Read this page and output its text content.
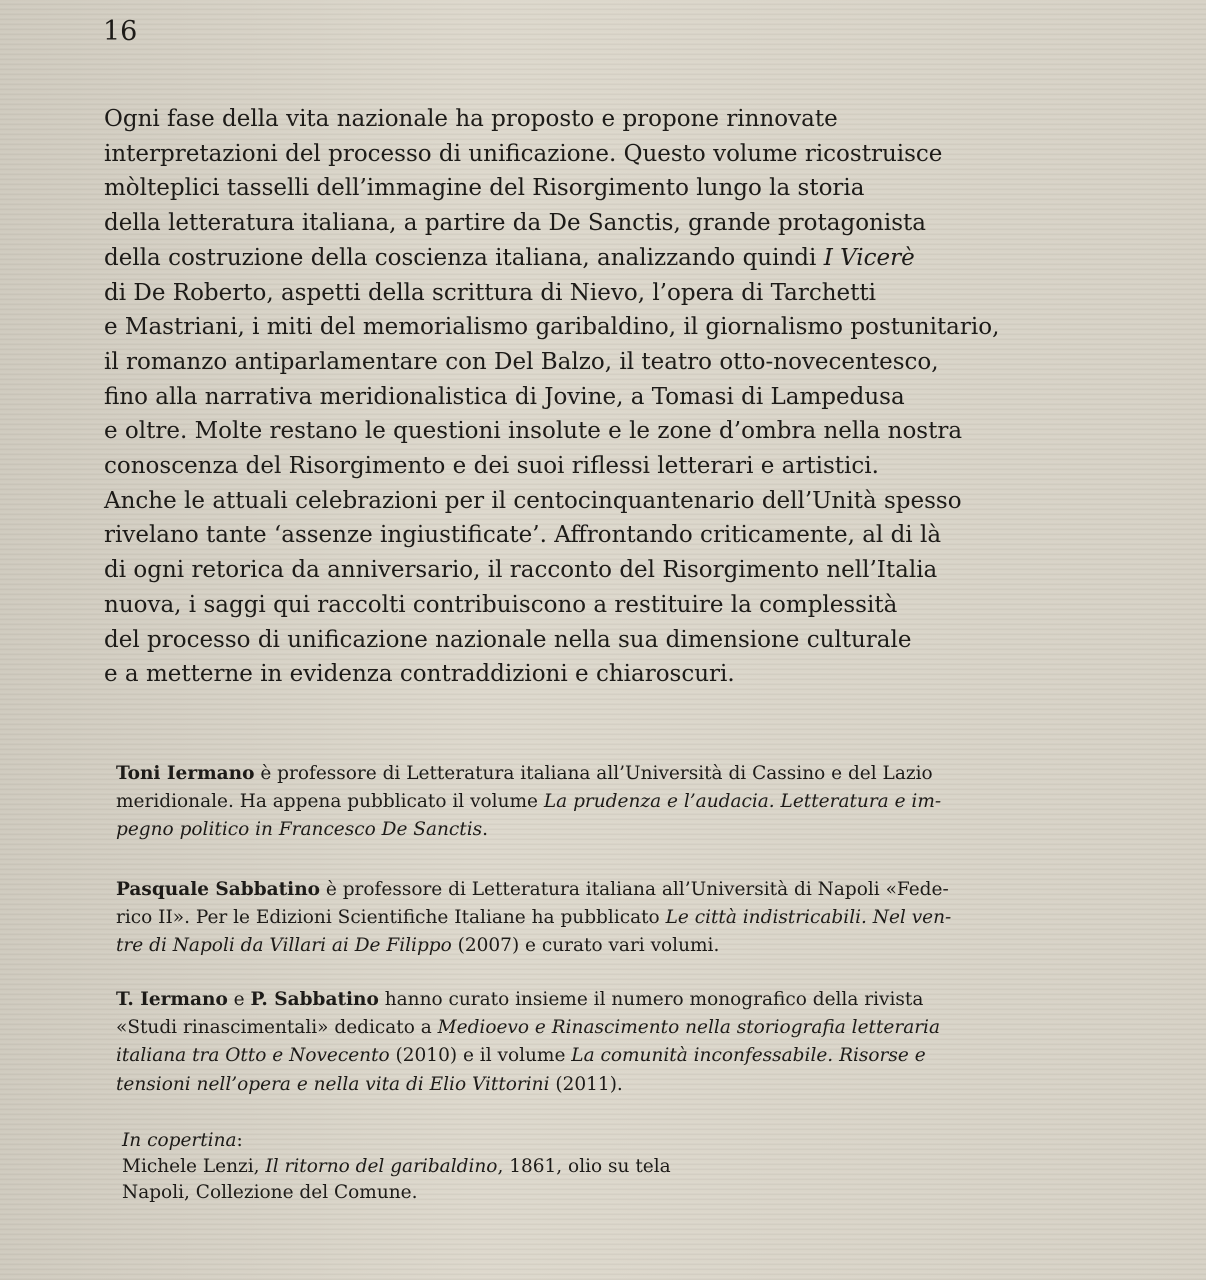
16
Ogni fase della vita nazionale ha proposto e propone rinnovate
interpretazioni del processo di unificazione. Questo volume ricostruisce
mòlteplici tasselli dell’immagine del Risorgimento lungo la storia
della letteratura italiana, a partire da De Sanctis, grande protagonista
della costruzione della coscienza italiana, analizzando quindi I Vicerè
di De Roberto, aspetti della scrittura di Nievo, l’opera di Tarchetti
e Mastriani, i miti del memorialismo garibaldino, il giornalismo postunitario,
il romanzo antiparlamentare con Del Balzo, il teatro otto-novecentesco,
fino alla narrativa meridionalistica di Jovine, a Tomasi di Lampedusa
e oltre. Molte restano le questioni insolute e le zone d’ombra nella nostra
conoscenza del Risorgimento e dei suoi riflessi letterari e artistici.
Anche le attuali celebrazioni per il centocinquantenario dell’Unità spesso
rivelano tante ‘assenze ingiustificate’. Affrontando criticamente, al di là
di ogni retorica da anniversario, il racconto del Risorgimento nell’Italia
nuova, i saggi qui raccolti contribuiscono a restituire la complessità
del processo di unificazione nazionale nella sua dimensione culturale
e a metterne in evidenza contraddizioni e chiaroscuri.
Toni Iermano è professore di Letteratura italiana all’Università di Cassino e del Lazio
meridionale. Ha appena pubblicato il volume La prudenza e l’audacia. Letteratura e im-
pegno politico in Francesco De Sanctis.
Pasquale Sabbatino è professore di Letteratura italiana all’Università di Napoli «Fede-
rico II». Per le Edizioni Scientifiche Italiane ha pubblicato Le città indistricabili. Nel ven-
tre di Napoli da Villari ai De Filippo (2007) e curato vari volumi.
T. Iermano e P. Sabbatino hanno curato insieme il numero monografico della rivista
«Studi rinascimentali» dedicato a Medioevo e Rinascimento nella storiografia letteraria
italiana tra Otto e Novecento (2010) e il volume La comunità inconfessabile. Risorse e
tensioni nell’opera e nella vita di Elio Vittorini (2011).
In copertina:
Michele Lenzi, Il ritorno del garibaldino, 1861, olio su tela
Napoli, Collezione del Comune.
